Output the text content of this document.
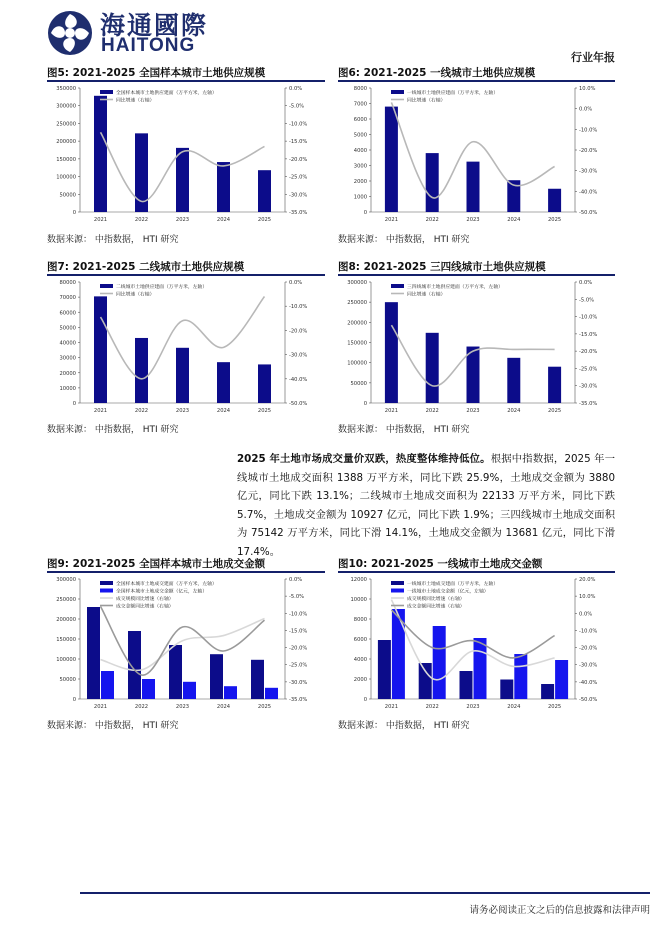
海通國際
HAITONG
行业年报
图5: 2021-2025 全国样本城市土地供应规模
0
50000
100000
150000
200000
250000
300000
350000	0.0%
-5.0%
-10.0%
-15.0%
-20.0%
-25.0%
-30.0%
-35.0%
2021	2022	2023	2024	2025
全国样本城市土地供应建面（万平方米，左轴）
同比增速（右轴）
数据来源： 中指数据， HTI 研究
图6: 2021-2025 一线城市土地供应规模
0
1000
2000
3000
4000
5000
6000
7000
8000	10.0%
0.0%
-10.0%
-20.0%
-30.0%
-40.0%
-50.0%
2021	2022	2023	2024	2025
一线城市土地供应建面（万平方米，左轴）
同比增速（右轴）
数据来源： 中指数据， HTI 研究
图7: 2021-2025 二线城市土地供应规模
0
10000
20000
30000
40000
50000
60000
70000
80000	0.0%
-10.0%
-20.0%
-30.0%
-40.0%
-50.0%
2021	2022	2023	2024	2025
二线城市土地供应建面（万平方米，左轴）
同比增速（右轴）
数据来源： 中指数据， HTI 研究
图8: 2021-2025 三四线城市土地供应规模
0
50000
100000
150000
200000
250000
300000	0.0%
-5.0%
-10.0%
-15.0%
-20.0%
-25.0%
-30.0%
-35.0%
2021	2022	2023	2024	2025
三四线城市土地供应建面（万平方米，左轴）
同比增速（右轴）
数据来源： 中指数据， HTI 研究
2025 年土地市场成交量价双跌，热度整体维持低位。根据中指数据，2025 年一线城市土地成交面积 1388 万平方米，同比下跌 25.9%，土地成交金额为 3880 亿元，同比下跌 13.1%；二线城市土地成交面积为 22133 万平方米，同比下跌 5.7%，土地成交金额为 10927 亿元，同比下跌 1.9%；三四线城市土地成交面积为 75142 万平方米，同比下滑 14.1%，土地成交金额为 13681 亿元，同比下滑 17.4%。
图9: 2021-2025 全国样本城市土地成交金额
0
50000
100000
150000
200000
250000
300000	0.0%
-5.0%
-10.0%
-15.0%
-20.0%
-25.0%
-30.0%
-35.0%
2021	2022	2023	2024	2025
全国样本城市土地成交建面（万平方米，左轴）
全国样本城市土地成交金额（亿元，左轴）
成交规模同比增速（右轴）
成交金额同比增速（右轴）
数据来源： 中指数据， HTI 研究
图10: 2021-2025 一线城市土地成交金额
0
2000
4000
6000
8000
10000
12000	20.0%
10.0%
0.0%
-10.0%
-20.0%
-30.0%
-40.0%
-50.0%
2021	2022	2023	2024	2025
一线城市土地成交建面（万平方米，左轴）
一线城市土地成交金额（亿元，左轴）
成交规模同比增速（右轴）
成交金额同比增速（右轴）
数据来源： 中指数据， HTI 研究
请务必阅读正文之后的信息披露和法律声明
